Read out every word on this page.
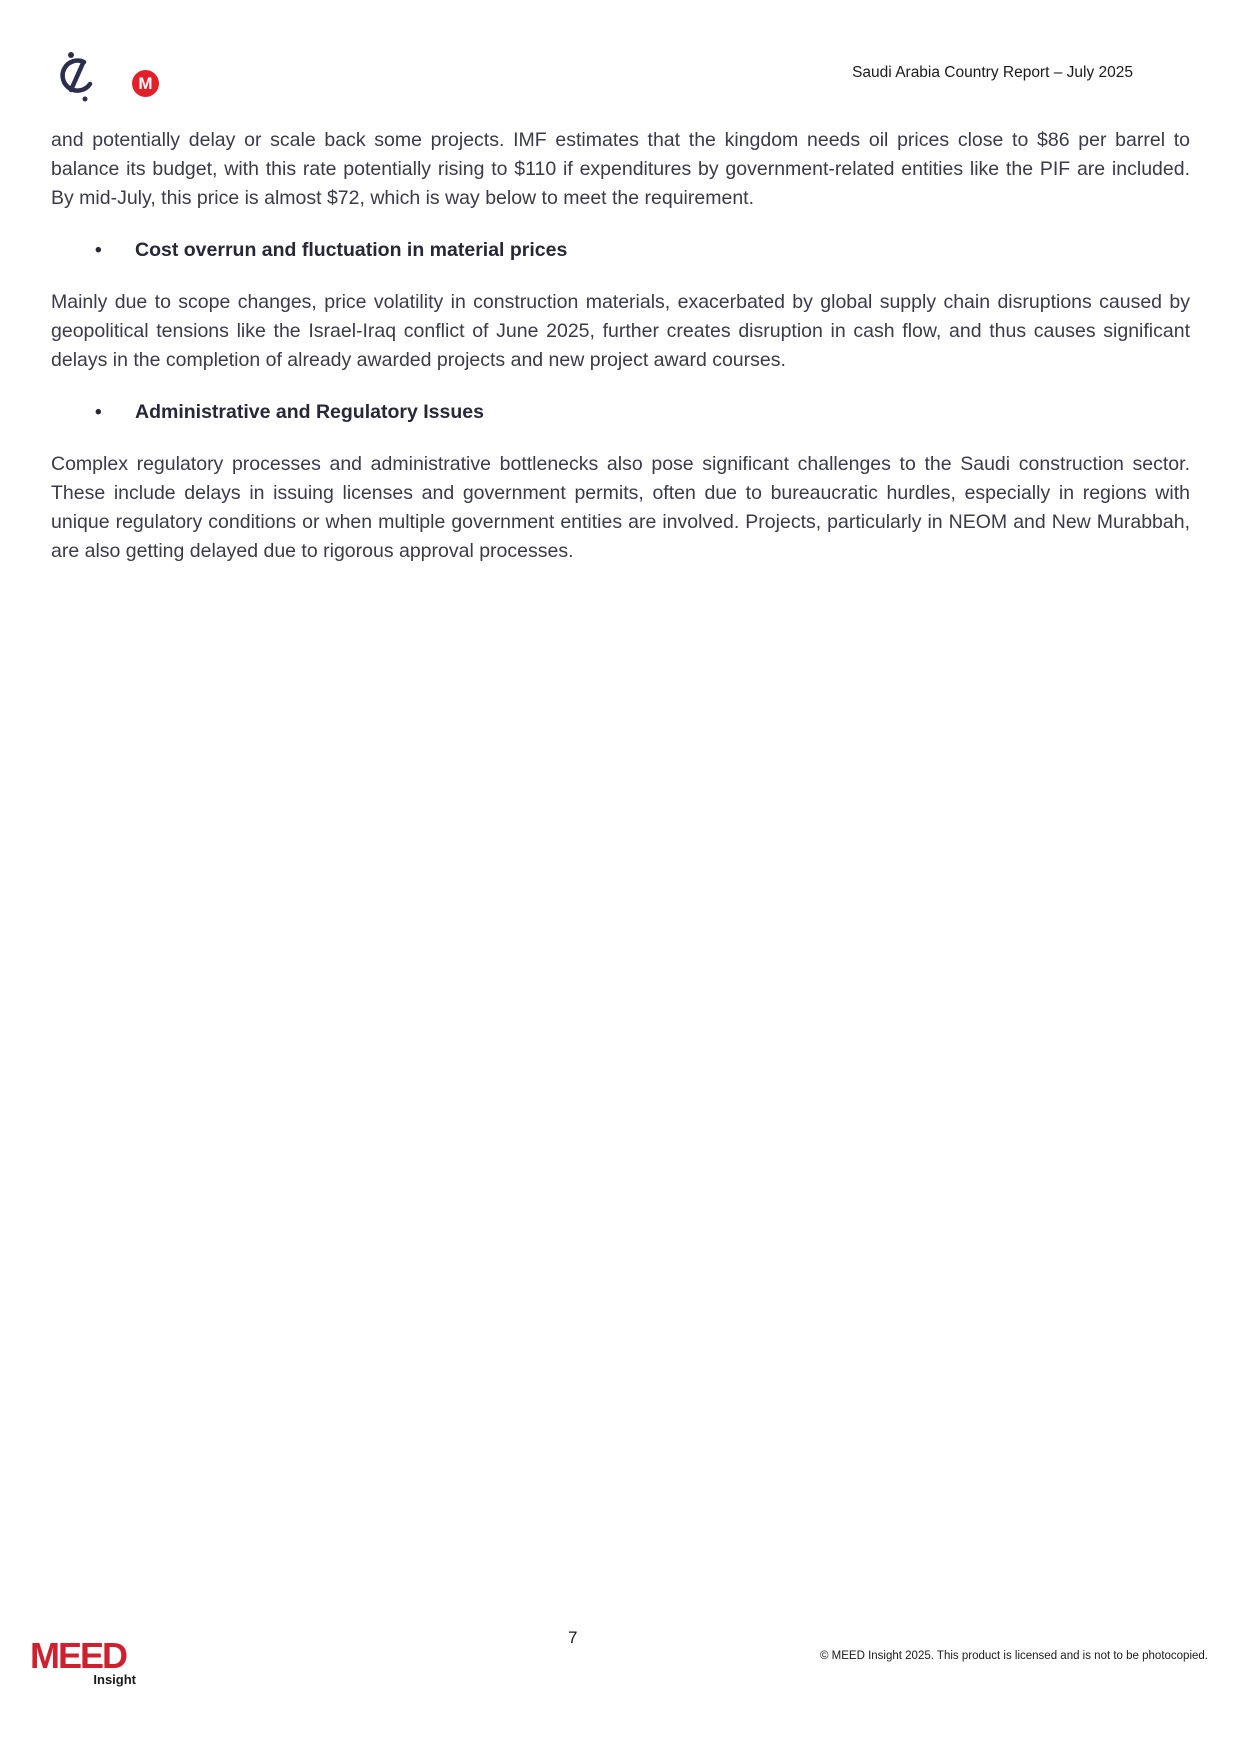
M
Saudi Arabia Country Report – July 2025

and potentially delay or scale back some projects. IMF estimates that the kingdom needs oil prices close to $86 per barrel to balance its budget, with this rate potentially rising to $110 if expenditures by government-related entities like the PIF are included. By mid-July, this price is almost $72, which is way below to meet the requirement.

•	Cost overrun and fluctuation in material prices

Mainly due to scope changes, price volatility in construction materials, exacerbated by global supply chain disruptions caused by geopolitical tensions like the Israel-Iraq conflict of June 2025, further creates disruption in cash flow, and thus causes significant delays in the completion of already awarded projects and new project award courses.

•	Administrative and Regulatory Issues

Complex regulatory processes and administrative bottlenecks also pose significant challenges to the Saudi construction sector. These include delays in issuing licenses and government permits, often due to bureaucratic hurdles, especially in regions with unique regulatory conditions or when multiple government entities are involved. Projects, particularly in NEOM and New Murabbah, are also getting delayed due to rigorous approval processes.

MEED
Insight
7
© MEED Insight 2025. This product is licensed and is not to be photocopied.
